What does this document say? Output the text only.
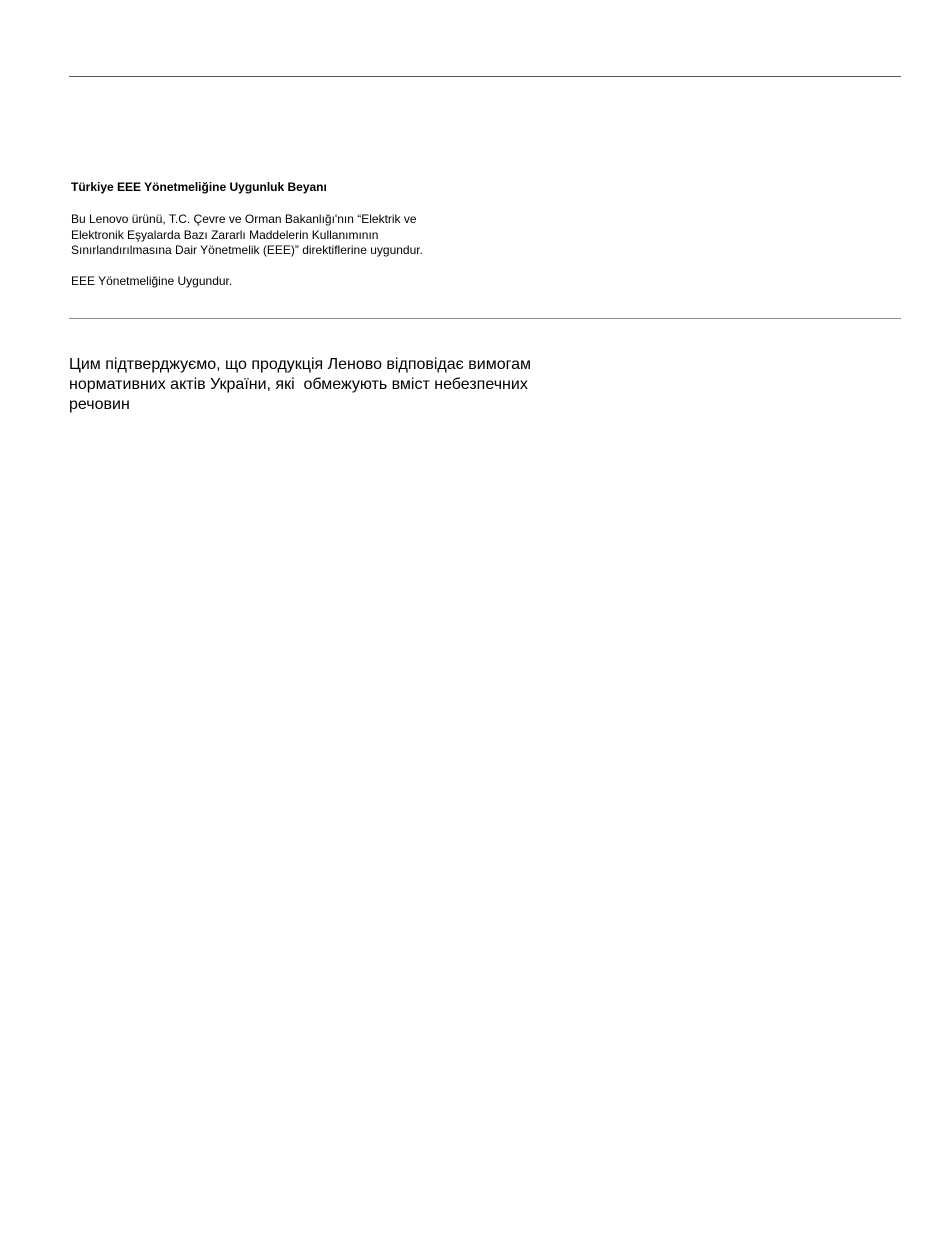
Türkiye EEE Yönetmeliğine Uygunluk Beyanı

Bu Lenovo ürünü, T.C. Çevre ve Orman Bakanlığı'nın “Elektrik ve
Elektronik Eşyalarda Bazı Zararlı Maddelerin Kullanımının
Sınırlandırılmasına Dair Yönetmelik (EEE)” direktiflerine uygundur.

EEE Yönetmeliğine Uygundur.

Цим підтверджуємо, що продукція Леново відповідає вимогам
нормативних актів України, які  обмежують вміст небезпечних
речовин
